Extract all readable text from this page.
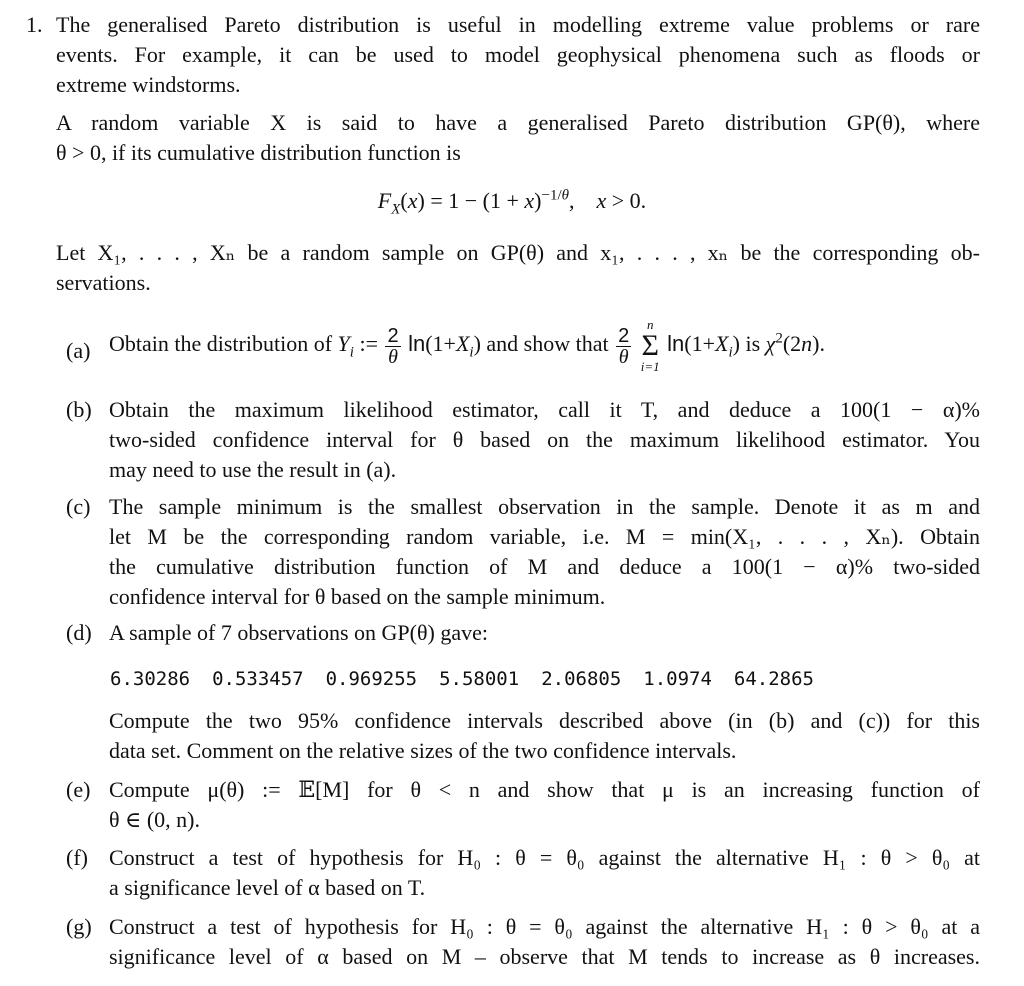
1. The generalised Pareto distribution is useful in modelling extreme value problems or rare
events. For example, it can be used to model geophysical phenomena such as floods or
extreme windstorms.
A random variable X is said to have a generalised Pareto distribution GP(θ), where
θ > 0, if its cumulative distribution function is
$F_X(x) = 1 - (1 + x)^{-1/\theta}$,    x > 0.
Let X₁, . . . , Xₙ be a random sample on GP(θ) and x₁, . . . , xₙ be the corresponding ob-
servations.
(a) Obtain the distribution of $Y_i$ := $\frac{2}{\theta} \ln(1+X_i)$ and show that $\frac{2}{\theta}$

n
Σ
i=1
$\ln(1+X_i)$ is $\chi^2(2n)$.
(b) Obtain the maximum likelihood estimator, call it T, and deduce a 100(1 − α)%
two-sided confidence interval for θ based on the maximum likelihood estimator. You
may need to use the result in (a).
(c) The sample minimum is the smallest observation in the sample. Denote it as m and
let M be the corresponding random variable, i.e. M = min(X₁, . . . , Xₙ). Obtain
the cumulative distribution function of M and deduce a 100(1 − α)% two-sided
confidence interval for θ based on the sample minimum.
(d) A sample of 7 observations on GP(θ) gave:
6.30286 0.533457 0.969255 5.58001 2.06805 1.0974 64.2865
Compute the two 95% confidence intervals described above (in (b) and (c)) for this
data set. Comment on the relative sizes of the two confidence intervals.
(e) Compute μ(θ) := 𝔼[M] for θ < n and show that μ is an increasing function of
θ ∈ (0, n).
(f) Construct a test of hypothesis for H₀ : θ = θ₀ against the alternative H₁ : θ > θ₀ at
a significance level of α based on T.
(g) Construct a test of hypothesis for H₀ : θ = θ₀ against the alternative H₁ : θ > θ₀ at a
significance level of α based on M – observe that M tends to increase as θ increases.
